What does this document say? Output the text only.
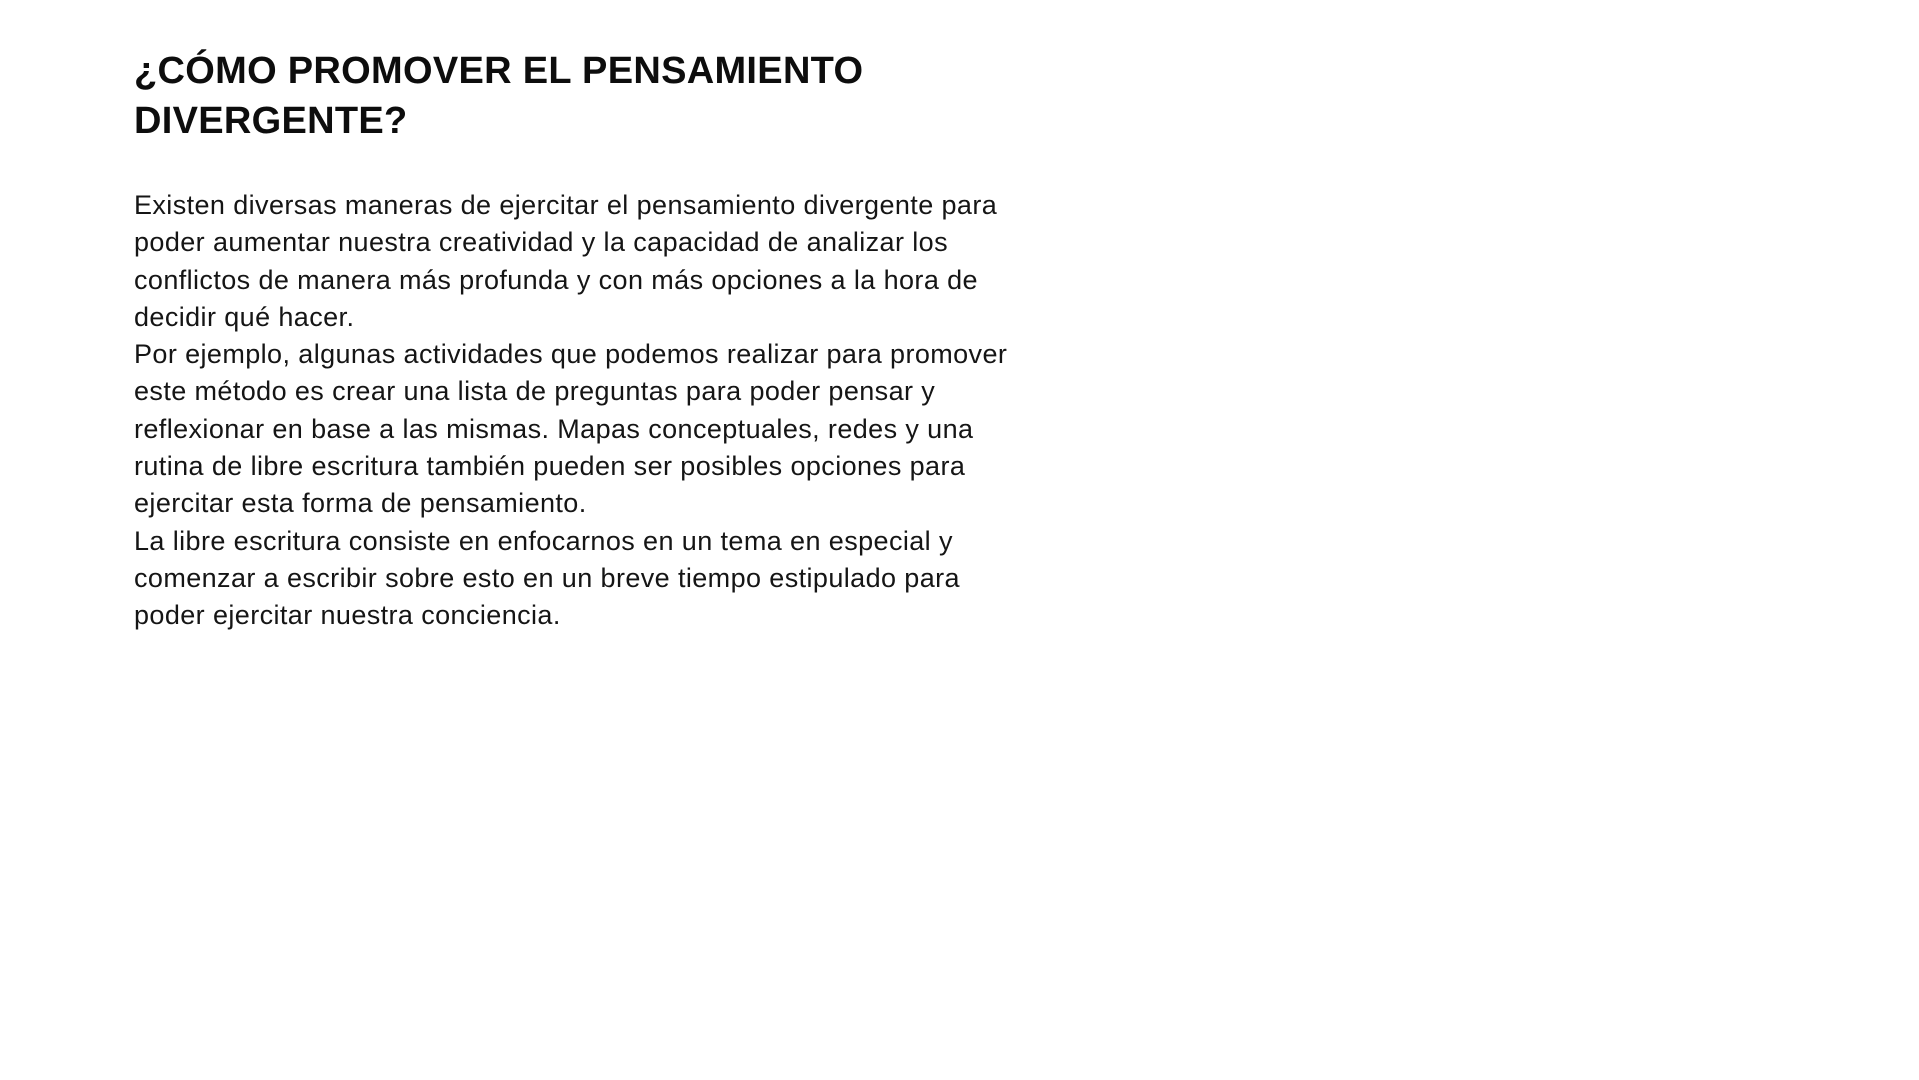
¿CÓMO PROMOVER EL PENSAMIENTO
DIVERGENTE?
Existen diversas maneras de ejercitar el pensamiento divergente para
poder aumentar nuestra creatividad y la capacidad de analizar los
conflictos de manera más profunda y con más opciones a la hora de
decidir qué hacer.
Por ejemplo, algunas actividades que podemos realizar para promover
este método es crear una lista de preguntas para poder pensar y
reflexionar en base a las mismas. Mapas conceptuales, redes y una
rutina de libre escritura también pueden ser posibles opciones para
ejercitar esta forma de pensamiento.
La libre escritura consiste en enfocarnos en un tema en especial y
comenzar a escribir sobre esto en un breve tiempo estipulado para
poder ejercitar nuestra conciencia.
